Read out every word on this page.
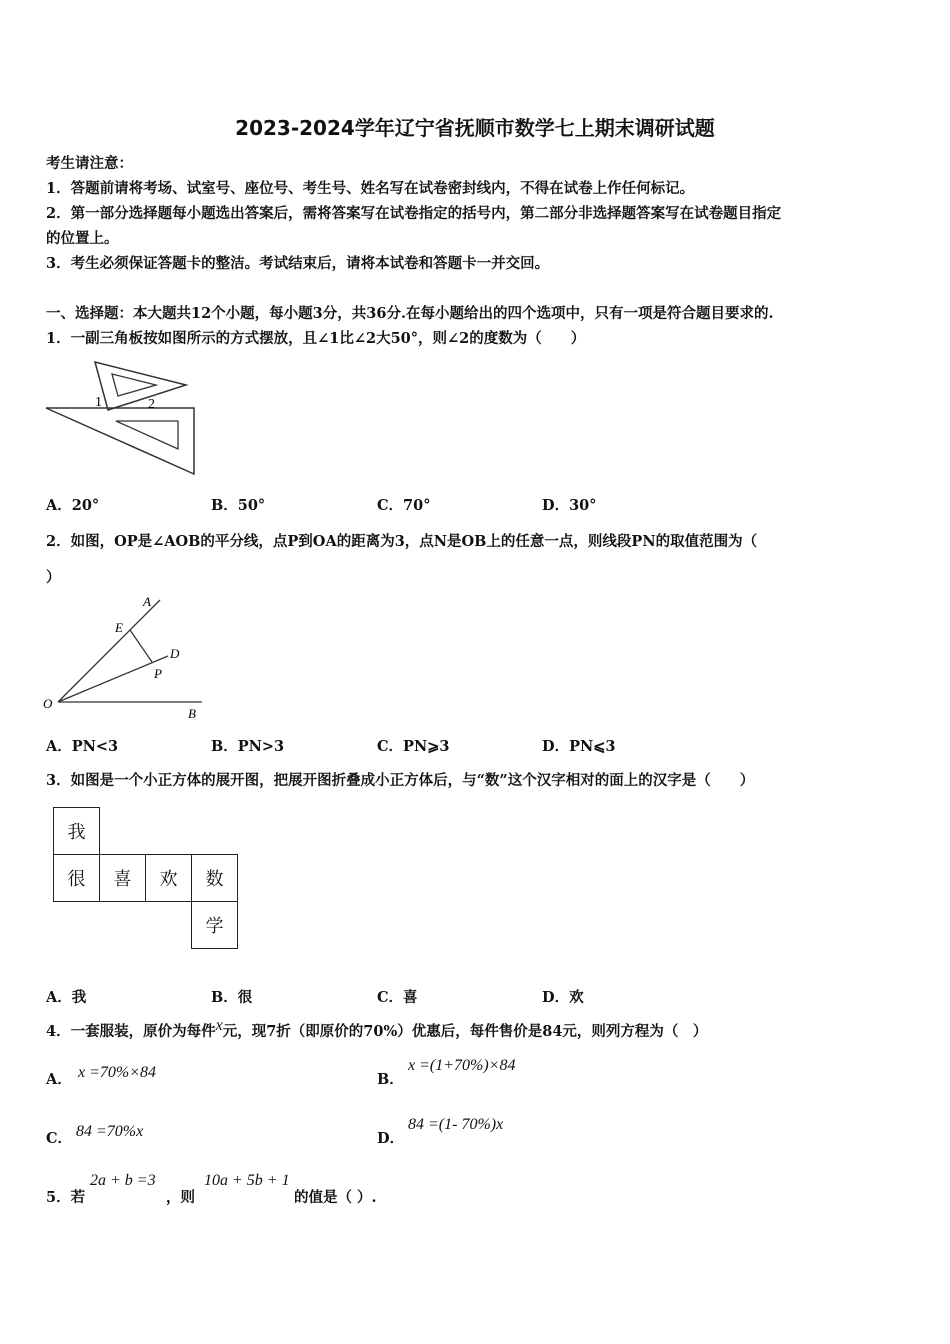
2023-2024学年辽宁省抚顺市数学七上期末调研试题
考生请注意：
1．答题前请将考场、试室号、座位号、考生号、姓名写在试卷密封线内，不得在试卷上作任何标记。
2．第一部分选择题每小题选出答案后，需将答案写在试卷指定的括号内，第二部分非选择题答案写在试卷题目指定
的位置上。
3．考生必须保证答题卡的整洁。考试结束后，请将本试卷和答题卡一并交回。
一、选择题：本大题共12个小题，每小题3分，共36分.在每小题给出的四个选项中，只有一项是符合题目要求的.
1．一副三角板按如图所示的方式摆放，且∠1比∠2大50°，则∠2的度数为（　　）
1	2
A．20°	B．50°	C．70°	D．30°
2．如图，OP是∠AOB的平分线，点P到OA的距离为3，点N是OB上的任意一点，则线段PN的取值范围为（
）
A
E
D
P
O
B
A．PN<3	B．PN>3	C．PN⩾3	D．PN⩽3
3．如图是一个小正方体的展开图，把展开图折叠成小正方体后，与“数”这个汉字相对的面上的汉字是（　　）
我			
很	喜	欢	数
			学
A．我	B．很	C．喜	D．欢
4．一套服装，原价为每件x元，现7折（即原价的70%）优惠后，每件售价是84元，则列方程为（　）
A． x =70%×84	B．
x =(1+70%)×84
C． 84 =70%x	D．
84 =(1- 70%)x
5．若
2a + b =3
，则
10a + 5b + 1
的值是（ ）.
